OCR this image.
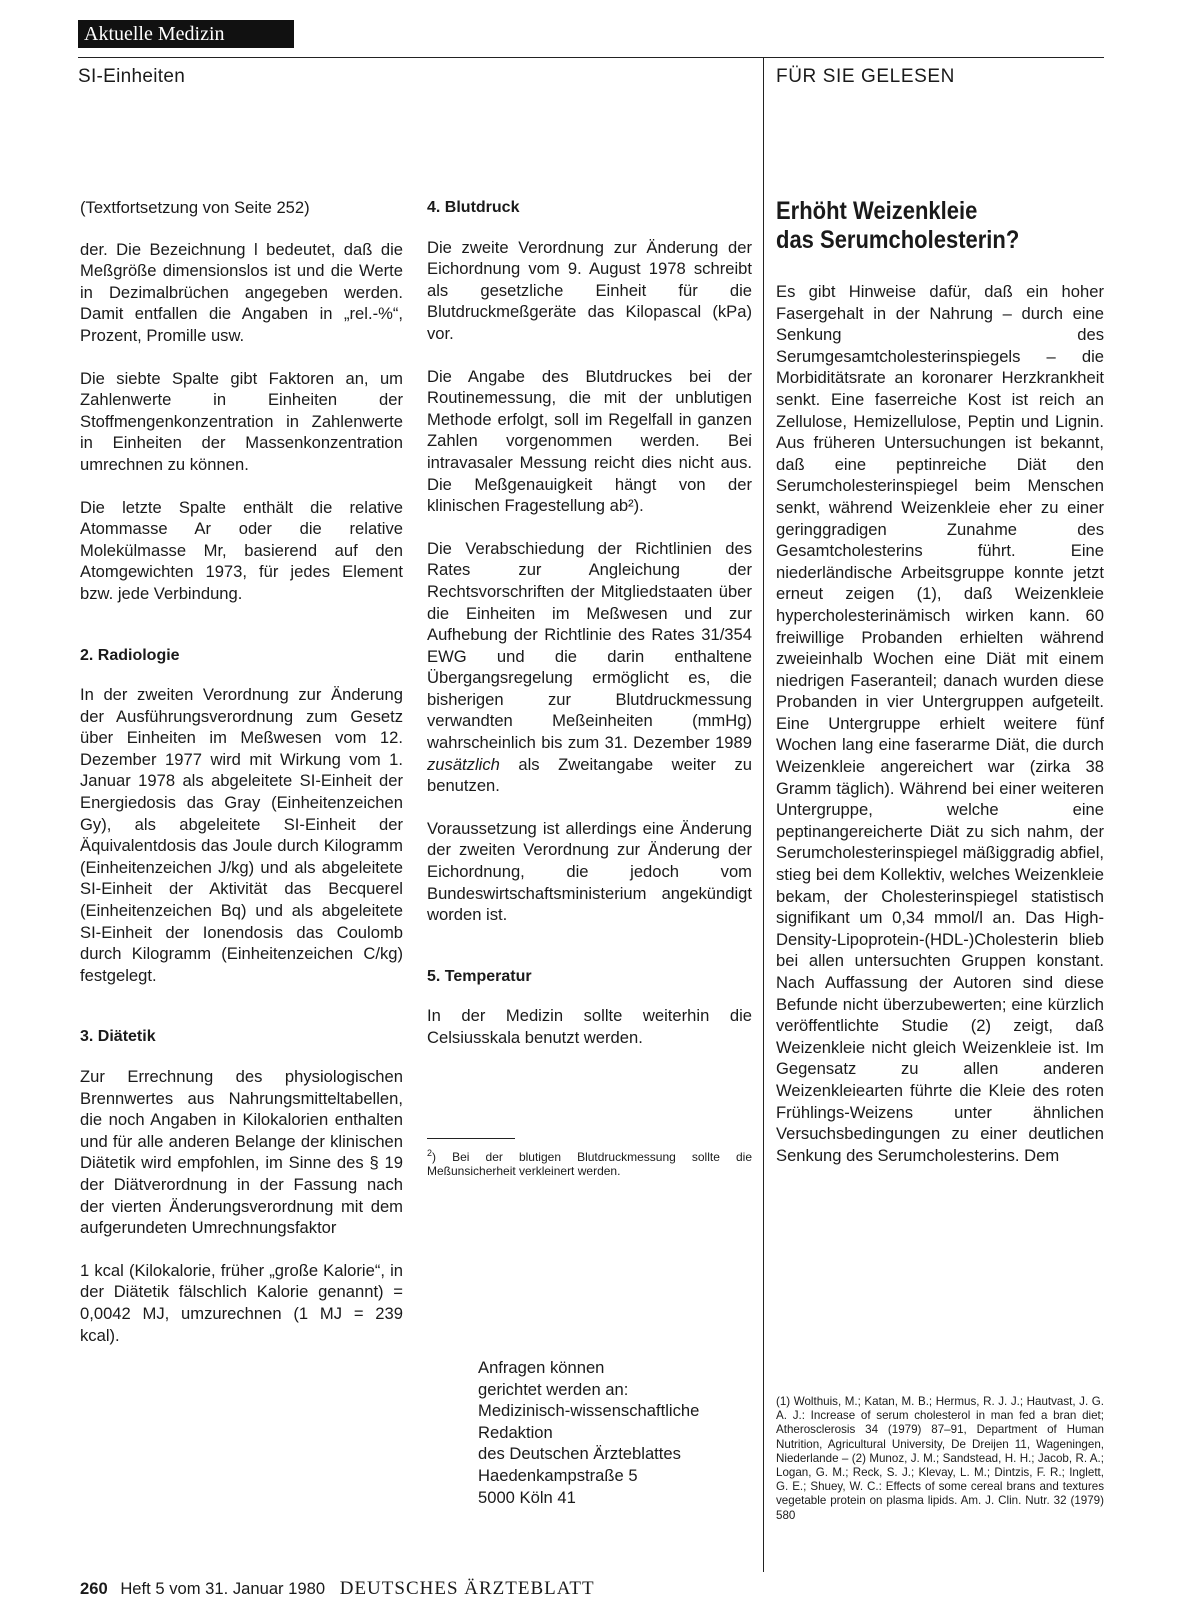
Aktuelle Medizin
SI-Einheiten	FÜR SIE GELESEN

(Textfortsetzung von Seite 252)

der. Die Bezeichnung l bedeutet, daß die Meßgröße dimensionslos ist und die Werte in Dezimalbrüchen angegeben werden. Damit entfallen die Angaben in „rel.-%“, Prozent, Promille usw.

Die siebte Spalte gibt Faktoren an, um Zahlenwerte in Einheiten der Stoffmengenkonzentration in Zahlenwerte in Einheiten der Massenkonzentration umrechnen zu können.

Die letzte Spalte enthält die relative Atommasse Ar oder die relative Molekülmasse Mr, basierend auf den Atomgewichten 1973, für jedes Element bzw. jede Verbindung.

2. Radiologie

In der zweiten Verordnung zur Änderung der Ausführungsverordnung zum Gesetz über Einheiten im Meßwesen vom 12. Dezember 1977 wird mit Wirkung vom 1. Januar 1978 als abgeleitete SI-Einheit der Energiedosis das Gray (Einheitenzeichen Gy), als abgeleitete SI-Einheit der Äquivalentdosis das Joule durch Kilogramm (Einheitenzeichen J/kg) und als abgeleitete SI-Einheit der Aktivität das Becquerel (Einheitenzeichen Bq) und als abgeleitete SI-Einheit der Ionendosis das Coulomb durch Kilogramm (Einheitenzeichen C/kg) festgelegt.

3. Diätetik

Zur Errechnung des physiologischen Brennwertes aus Nahrungsmitteltabellen, die noch Angaben in Kilokalorien enthalten und für alle anderen Belange der klinischen Diätetik wird empfohlen, im Sinne des § 19 der Diätverordnung in der Fassung nach der vierten Änderungsverordnung mit dem aufgerundeten Umrechnungsfaktor

1 kcal (Kilokalorie, früher „große Kalorie“, in der Diätetik fälschlich Kalorie genannt) = 0,0042 MJ, umzurechnen (1 MJ = 239 kcal).

4. Blutdruck

Die zweite Verordnung zur Änderung der Eichordnung vom 9. August 1978 schreibt als gesetzliche Einheit für die Blutdruckmeßgeräte das Kilopascal (kPa) vor.

Die Angabe des Blutdruckes bei der Routinemessung, die mit der unblutigen Methode erfolgt, soll im Regelfall in ganzen Zahlen vorgenommen werden. Bei intravasaler Messung reicht dies nicht aus. Die Meßgenauigkeit hängt von der klinischen Fragestellung ab²).

Die Verabschiedung der Richtlinien des Rates zur Angleichung der Rechtsvorschriften der Mitgliedstaaten über die Einheiten im Meßwesen und zur Aufhebung der Richtlinie des Rates 31/354 EWG und die darin enthaltene Übergangsregelung ermöglicht es, die bisherigen zur Blutdruckmessung verwandten Meßeinheiten (mmHg) wahrscheinlich bis zum 31. Dezember 1989 zusätzlich als Zweitangabe weiter zu benutzen.

Voraussetzung ist allerdings eine Änderung der zweiten Verordnung zur Änderung der Eichordnung, die jedoch vom Bundeswirtschaftsministerium angekündigt worden ist.

5. Temperatur

In der Medizin sollte weiterhin die Celsiusskala benutzt werden.

$^2$) Bei der blutigen Blutdruckmessung sollte die Meßunsicherheit verkleinert werden.
Anfragen können
gerichtet werden an:
Medizinisch-wissenschaftliche
Redaktion
des Deutschen Ärzteblattes
Haedenkampstraße 5
5000 Köln 41
Erhöht Weizenkleie
das Serumcholesterin?

Es gibt Hinweise dafür, daß ein hoher Fasergehalt in der Nahrung – durch eine Senkung des Serumgesamtcholesterinspiegels – die Morbiditätsrate an koronarer Herzkrankheit senkt. Eine faserreiche Kost ist reich an Zellulose, Hemizellulose, Peptin und Lignin. Aus früheren Untersuchungen ist bekannt, daß eine peptinreiche Diät den Serumcholesterinspiegel beim Menschen senkt, während Weizenkleie eher zu einer geringgradigen Zunahme des Gesamtcholesterins führt. Eine niederländische Arbeitsgruppe konnte jetzt erneut zeigen (1), daß Weizenkleie hypercholesterinämisch wirken kann. 60 freiwillige Probanden erhielten während zweieinhalb Wochen eine Diät mit einem niedrigen Faseranteil; danach wurden diese Probanden in vier Untergruppen aufgeteilt. Eine Untergruppe erhielt weitere fünf Wochen lang eine faserarme Diät, die durch Weizenkleie angereichert war (zirka 38 Gramm täglich). Während bei einer weiteren Untergruppe, welche eine peptinangereicherte Diät zu sich nahm, der Serumcholesterinspiegel mäßiggradig abfiel, stieg bei dem Kollektiv, welches Weizenkleie bekam, der Cholesterinspiegel statistisch signifikant um 0,34 mmol/l an. Das High-Density-Lipoprotein-(HDL-)Cholesterin blieb bei allen untersuchten Gruppen konstant. Nach Auffassung der Autoren sind diese Befunde nicht überzubewerten; eine kürzlich veröffentlichte Studie (2) zeigt, daß Weizenkleie nicht gleich Weizenkleie ist. Im Gegensatz zu allen anderen Weizenkleiearten führte die Kleie des roten Frühlings-Weizens unter ähnlichen Versuchsbedingungen zu einer deutlichen Senkung des Serumcholesterins. Dem

(1) Wolthuis, M.; Katan, M. B.; Hermus, R. J. J.; Hautvast, J. G. A. J.: Increase of serum cholesterol in man fed a bran diet; Atherosclerosis 34 (1979) 87–91, Department of Human Nutrition, Agricultural University, De Dreijen 11, Wageningen, Niederlande – (2) Munoz, J. M.; Sandstead, H. H.; Jacob, R. A.; Logan, G. M.; Reck, S. J.; Klevay, L. M.; Dintzis, F. R.; Inglett, G. E.; Shuey, W. C.: Effects of some cereal brans and textures vegetable protein on plasma lipids. Am. J. Clin. Nutr. 32 (1979) 580
260 Heft 5 vom 31. Januar 1980 DEUTSCHES ÄRZTEBLATT
